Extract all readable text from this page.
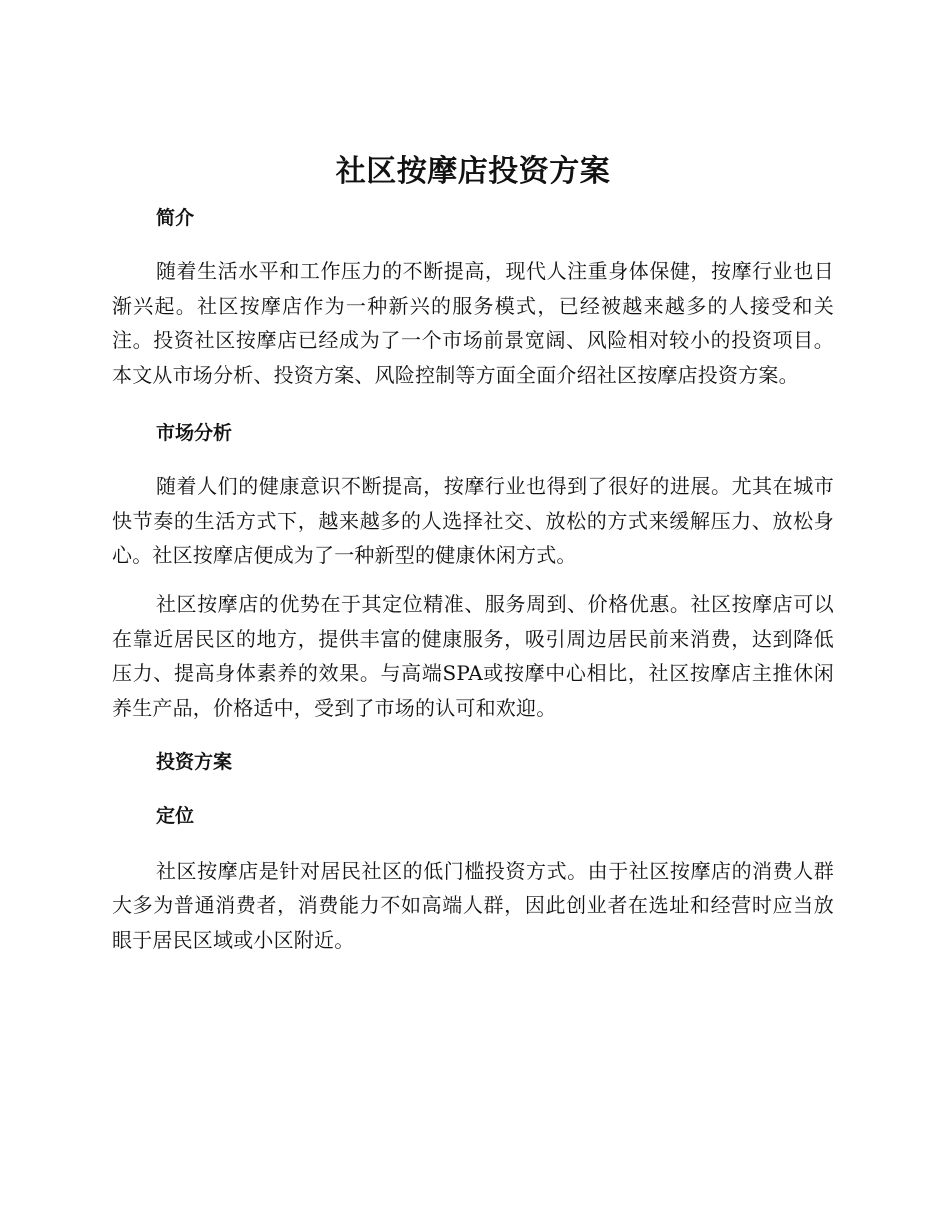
社区按摩店投资方案
简介

随着生活水平和工作压力的不断提高，现代人注重身体保健，按摩行业也日渐兴起。社区按摩店作为一种新兴的服务模式，已经被越来越多的人接受和关注。投资社区按摩店已经成为了一个市场前景宽阔、风险相对较小的投资项目。本文从市场分析、投资方案、风险控制等方面全面介绍社区按摩店投资方案。

市场分析

随着人们的健康意识不断提高，按摩行业也得到了很好的进展。尤其在城市快节奏的生活方式下，越来越多的人选择社交、放松的方式来缓解压力、放松身心。社区按摩店便成为了一种新型的健康休闲方式。

社区按摩店的优势在于其定位精准、服务周到、价格优惠。社区按摩店可以在靠近居民区的地方，提供丰富的健康服务，吸引周边居民前来消费，达到降低压力、提高身体素养的效果。与高端SPA或按摩中心相比，社区按摩店主推休闲养生产品，价格适中，受到了市场的认可和欢迎。

投资方案
定位

社区按摩店是针对居民社区的低门槛投资方式。由于社区按摩店的消费人群大多为普通消费者，消费能力不如高端人群，因此创业者在选址和经营时应当放眼于居民区域或小区附近。
